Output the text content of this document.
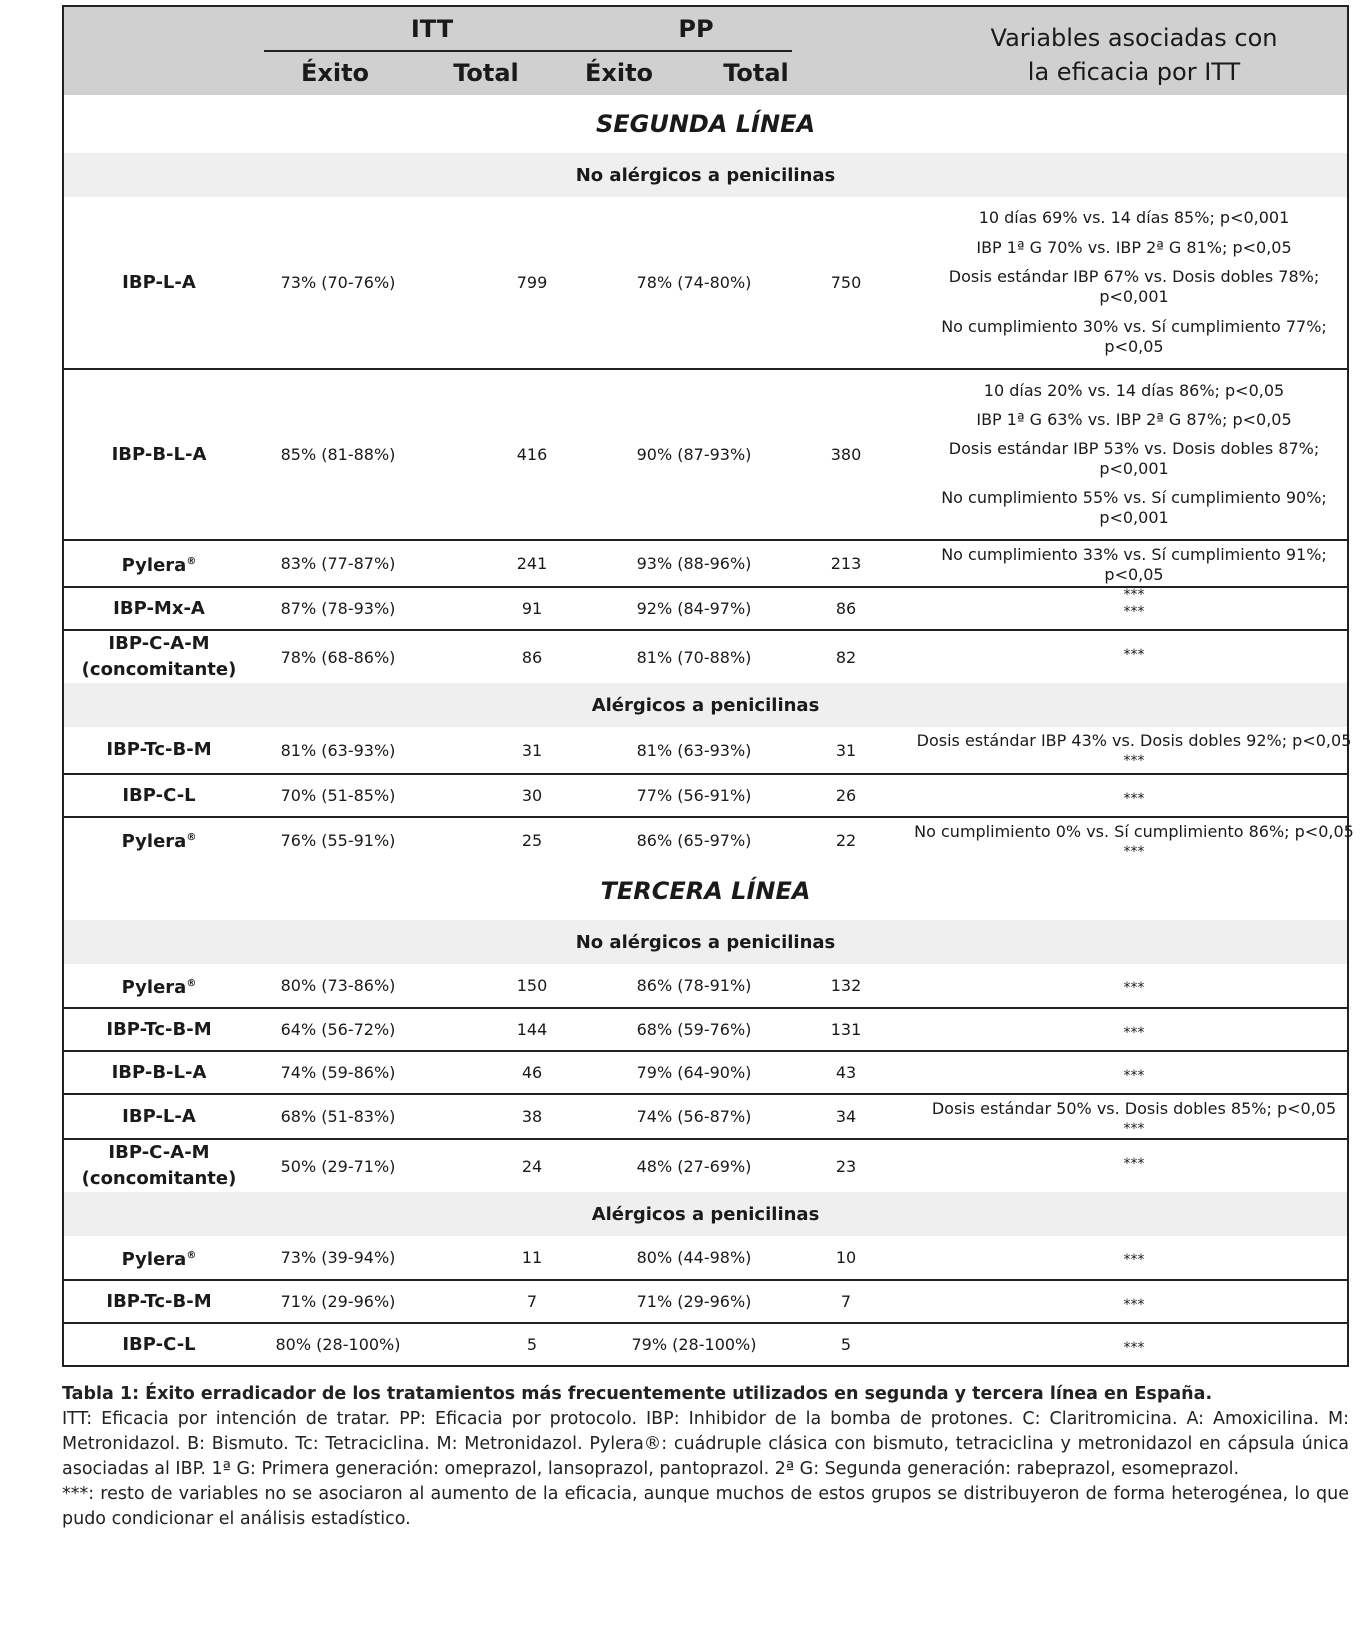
ITT	PP
Éxito	Total	Éxito	Total
Variables asociadas con
la eficacia por ITT
SEGUNDA LÍNEA
No alérgicos a penicilinas
IBP-L-A	73% (70-76%)	799	78% (74-80%)	750
10 días 69% vs. 14 días 85%; p<0,001
IBP 1ª G 70% vs. IBP 2ª G 81%; p<0,05
Dosis estándar IBP 67% vs. Dosis dobles 78%; p<0,001
No cumplimiento 30% vs. Sí cumplimiento 77%; p<0,05
IBP-B-L-A	85% (81-88%)	416	90% (87-93%)	380
10 días 20% vs. 14 días 86%; p<0,05
IBP 1ª G 63% vs. IBP 2ª G 87%; p<0,05
Dosis estándar IBP 53% vs. Dosis dobles 87%; p<0,001
No cumplimiento 55% vs. Sí cumplimiento 90%; p<0,001
Pylera®	83% (77-87%)	241	93% (88-96%)	213	No cumplimiento 33% vs. Sí cumplimiento 91%; p<0,05
***
IBP-Mx-A	87% (78-93%)	91	92% (84-97%)	86	***
IBP-C-A-M
(concomitante)
78% (68-86%)	86	81% (70-88%)	82	***
Alérgicos a penicilinas
IBP-Tc-B-M	81% (63-93%)	31	81% (63-93%)	31	Dosis estándar IBP 43% vs. Dosis dobles 92%; p<0,05
***
IBP-C-L	70% (51-85%)	30	77% (56-91%)	26	***
Pylera®	76% (55-91%)	25	86% (65-97%)	22	No cumplimiento 0% vs. Sí cumplimiento 86%; p<0,05
***
TERCERA LÍNEA
No alérgicos a penicilinas
Pylera®	80% (73-86%)	150	86% (78-91%)	132	***
IBP-Tc-B-M	64% (56-72%)	144	68% (59-76%)	131	***
IBP-B-L-A	74% (59-86%)	46	79% (64-90%)	43	***
IBP-L-A	68% (51-83%)	38	74% (56-87%)	34	Dosis estándar 50% vs. Dosis dobles 85%; p<0,05
***
IBP-C-A-M
(concomitante)
50% (29-71%)	24	48% (27-69%)	23	***
Alérgicos a penicilinas
Pylera®	73% (39-94%)	11	80% (44-98%)	10	***
IBP-Tc-B-M	71% (29-96%)	7	71% (29-96%)	7	***
IBP-C-L	80% (28-100%)	5	79% (28-100%)	5	***

Tabla 1: Éxito erradicador de los tratamientos más frecuentemente utilizados en segunda y tercera línea en España.

ITT: Eficacia por intención de tratar. PP: Eficacia por protocolo. IBP: Inhibidor de la bomba de protones. C: Claritromicina. A: Amoxicilina. M: Metronidazol. B: Bismuto. Tc: Tetraciclina. M: Metronidazol. Pylera®: cuádruple clásica con bismuto, tetraciclina y metronidazol en cápsula única asociadas al IBP. 1ª G: Primera generación: omeprazol, lansoprazol, pantoprazol. 2ª G: Segunda generación: rabeprazol, esomeprazol.

***: resto de variables no se asociaron al aumento de la eficacia, aunque muchos de estos grupos se distribuyeron de forma heterogénea, lo que pudo condicionar el análisis estadístico.
